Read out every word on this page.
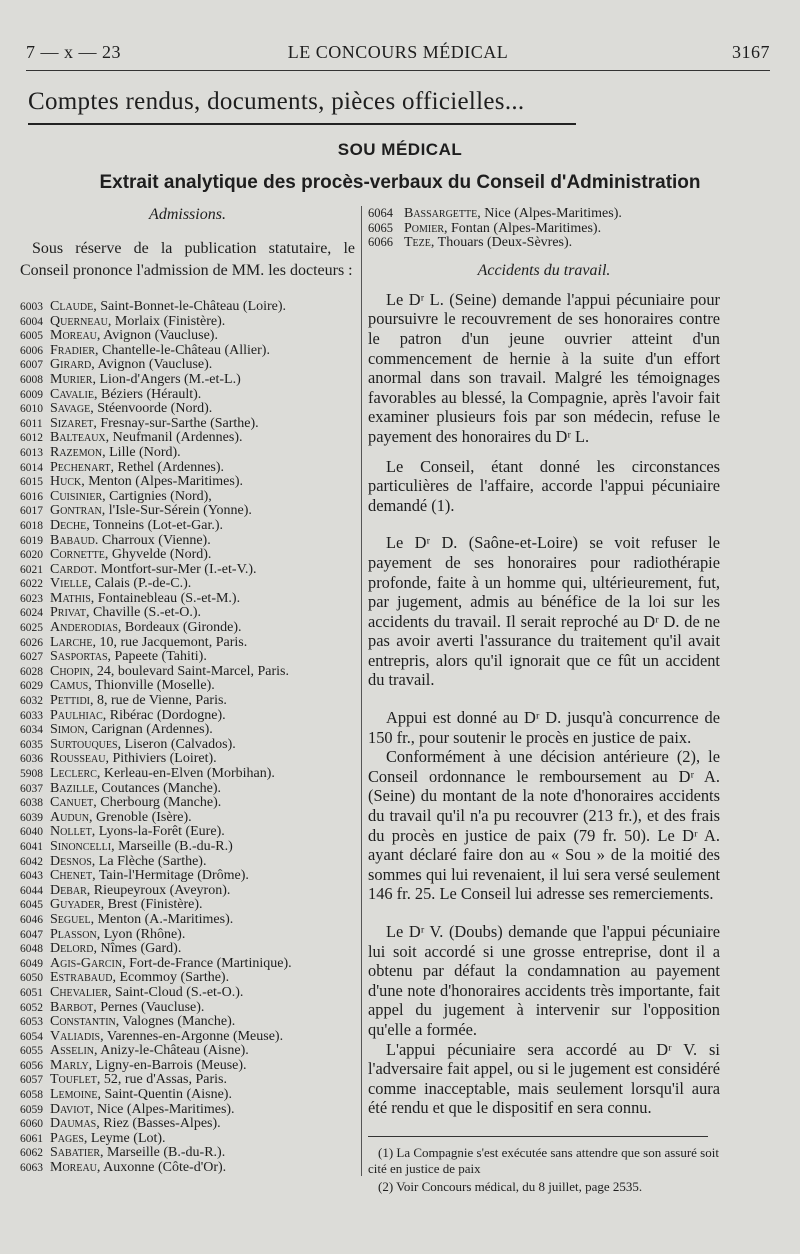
7 — x — 23	LE CONCOURS MÉDICAL	3167
Comptes rendus, documents, pièces officielles...
SOU MÉDICAL
Extrait analytique des procès-verbaux du Conseil d'Administration
Admissions.

Sous réserve de la publication statutaire, le Conseil prononce l'admission de MM. les docteurs :

6003 Claude, Saint-Bonnet-le-Château (Loire).
6004 Querneau, Morlaix (Finistère).
6005 Moreau, Avignon (Vaucluse).
6006 Fradier, Chantelle-le-Château (Allier).
6007 Girard, Avignon (Vaucluse).
6008 Murier, Lion-d'Angers (M.-et-L.)
6009 Cavalie, Béziers (Hérault).
6010 Savage, Stéenvoorde (Nord).
6011 Sizaret, Fresnay-sur-Sarthe (Sarthe).
6012 Balteaux, Neufmanil (Ardennes).
6013 Razemon, Lille (Nord).
6014 Pechenart, Rethel (Ardennes).
6015 Huck, Menton (Alpes-Maritimes).
6016 Cuisinier, Cartignies (Nord),
6017 Gontran, l'Isle-Sur-Sérein (Yonne).
6018 Deche, Tonneins (Lot-et-Gar.).
6019 Babaud. Charroux (Vienne).
6020 Cornette, Ghyvelde (Nord).
6021 Cardot. Montfort-sur-Mer (I.-et-V.).
6022 Vielle, Calais (P.-de-C.).
6023 Mathis, Fontainebleau (S.-et-M.).
6024 Privat, Chaville (S.-et-O.).
6025 Anderodias, Bordeaux (Gironde).
6026 Larche, 10, rue Jacquemont, Paris.
6027 Sasportas, Papeete (Tahiti).
6028 Chopin, 24, boulevard Saint-Marcel, Paris.
6029 Camus, Thionville (Moselle).
6032 Pettidi, 8, rue de Vienne, Paris.
6033 Paulhiac, Ribérac (Dordogne).
6034 Simon, Carignan (Ardennes).
6035 Surtouques, Liseron (Calvados).
6036 Rousseau, Pithiviers (Loiret).
5908 Leclerc, Kerleau-en-Elven (Morbihan).
6037 Bazille, Coutances (Manche).
6038 Canuet, Cherbourg (Manche).
6039 Audun, Grenoble (Isère).
6040 Nollet, Lyons-la-Forêt (Eure).
6041 Sinoncelli, Marseille (B.-du-R.)
6042 Desnos, La Flèche (Sarthe).
6043 Chenet, Tain-l'Hermitage (Drôme).
6044 Debar, Rieupeyroux (Aveyron).
6045 Guyader, Brest (Finistère).
6046 Seguel, Menton (A.-Maritimes).
6047 Plasson, Lyon (Rhône).
6048 Delord, Nîmes (Gard).
6049 Agis-Garcin, Fort-de-France (Martinique).
6050 Estrabaud, Ecommoy (Sarthe).
6051 Chevalier, Saint-Cloud (S.-et-O.).
6052 Barbot, Pernes (Vaucluse).
6053 Constantin, Valognes (Manche).
6054 Valiadis, Varennes-en-Argonne (Meuse).
6055 Asselin, Anizy-le-Château (Aisne).
6056 Marly, Ligny-en-Barrois (Meuse).
6057 Touflet, 52, rue d'Assas, Paris.
6058 Lemoine, Saint-Quentin (Aisne).
6059 Daviot, Nice (Alpes-Maritimes).
6060 Daumas, Riez (Basses-Alpes).
6061 Pages, Leyme (Lot).
6062 Sabatier, Marseille (B.-du-R.).
6063 Moreau, Auxonne (Côte-d'Or).
6064 Bassargette, Nice (Alpes-Maritimes).
6065 Pomier, Fontan (Alpes-Maritimes).
6066 Teze, Thouars (Deux-Sèvres).
Accidents du travail.

Le Dʳ L. (Seine) demande l'appui pécuniaire pour poursuivre le recouvrement de ses honoraires contre le patron d'un jeune ouvrier atteint d'un commencement de hernie à la suite d'un effort anormal dans son travail. Malgré les témoignages favorables au blessé, la Compagnie, après l'avoir fait examiner plusieurs fois par son médecin, refuse le payement des honoraires du Dʳ L.

Le Conseil, étant donné les circonstances particulières de l'affaire, accorde l'appui pécuniaire demandé (1).

Le Dʳ D. (Saône-et-Loire) se voit refuser le payement de ses honoraires pour radiothérapie profonde, faite à un homme qui, ultérieurement, fut, par jugement, admis au bénéfice de la loi sur les accidents du travail. Il serait reproché au Dʳ D. de ne pas avoir averti l'assurance du traitement qu'il avait entrepris, alors qu'il ignorait que ce fût un accident du travail.

Appui est donné au Dʳ D. jusqu'à concurrence de 150 fr., pour soutenir le procès en justice de paix.

Conformément à une décision antérieure (2), le Conseil ordonnance le remboursement au Dʳ A. (Seine) du montant de la note d'honoraires accidents du travail qu'il n'a pu recouvrer (213 fr.), et des frais du procès en justice de paix (79 fr. 50). Le Dʳ A. ayant déclaré faire don au « Sou » de la moitié des sommes qui lui revenaient, il lui sera versé seulement 146 fr. 25. Le Conseil lui adresse ses remerciements.

Le Dʳ V. (Doubs) demande que l'appui pécuniaire lui soit accordé si une grosse entreprise, dont il a obtenu par défaut la condamnation au payement d'une note d'honoraires accidents très importante, fait appel du jugement à intervenir sur l'opposition qu'elle a formée.

L'appui pécuniaire sera accordé au Dʳ V. si l'adversaire fait appel, ou si le jugement est considéré comme inacceptable, mais seulement lorsqu'il aura été rendu et que le dispositif en sera connu.

(1) La Compagnie s'est exécutée sans attendre que son assuré soit cité en justice de paix

(2) Voir Concours médical, du 8 juillet, page 2535.
